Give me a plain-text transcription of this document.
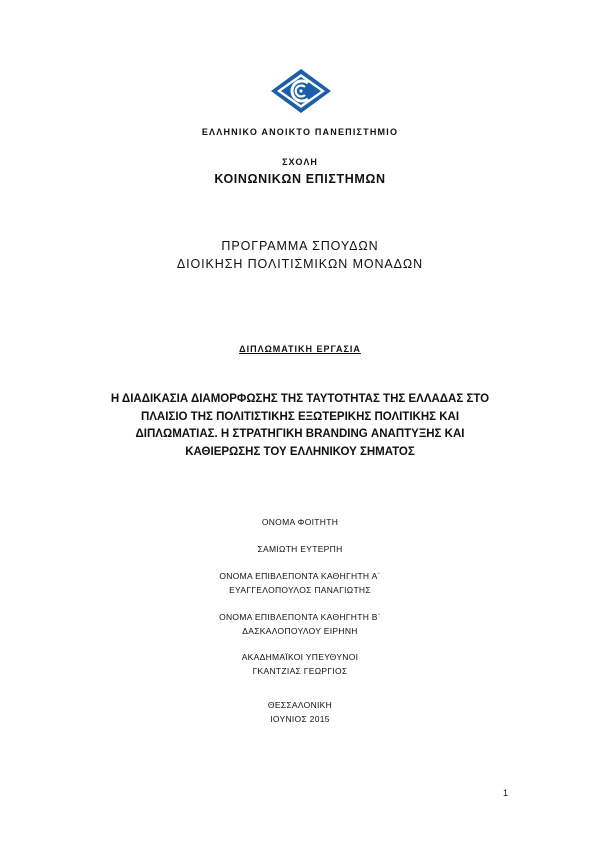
ΕΛΛΗΝΙΚΟ ΑΝΟΙΚΤΟ ΠΑΝΕΠΙΣΤΗΜΙΟ
ΣΧΟΛΗ
ΚΟΙΝΩΝΙΚΩΝ ΕΠΙΣΤΗΜΩΝ
ΠΡΟΓΡΑΜΜΑ ΣΠΟΥΔΩΝ
ΔΙΟΙΚΗΣΗ ΠΟΛΙΤΙΣΜΙΚΩΝ ΜΟΝΑΔΩΝ
ΔΙΠΛΩΜΑΤΙΚΗ ΕΡΓΑΣΙΑ
Η ΔΙΑΔΙΚΑΣΙΑ ΔΙΑΜΟΡΦΩΣΗΣ ΤΗΣ ΤΑΥΤΟΤΗΤΑΣ ΤΗΣ ΕΛΛΑΔΑΣ ΣΤΟ
ΠΛΑΙΣΙΟ ΤΗΣ ΠΟΛΙΤΙΣΤΙΚΗΣ ΕΞΩΤΕΡΙΚΗΣ ΠΟΛΙΤΙΚΗΣ ΚΑΙ
ΔΙΠΛΩΜΑΤΙΑΣ. Η ΣΤΡΑΤΗΓΙΚΗ BRANDING ΑΝΑΠΤΥΞΗΣ ΚΑΙ
ΚΑΘΙΕΡΩΣΗΣ ΤΟΥ ΕΛΛΗΝΙΚΟΥ ΣΗΜΑΤΟΣ
ΟΝΟΜΑ ΦΟΙΤΗΤΗ
ΣΑΜΙΩΤΗ ΕΥΤΕΡΠΗ
ΟΝΟΜΑ ΕΠΙΒΛΕΠΟΝΤΑ ΚΑΘΗΓΗΤΗ Α΄
ΕΥΑΓΓΕΛΟΠΟΥΛΟΣ ΠΑΝΑΓΙΩΤΗΣ
ΟΝΟΜΑ ΕΠΙΒΛΕΠΟΝΤΑ ΚΑΘΗΓΗΤΗ Β΄
ΔΑΣΚΑΛΟΠΟΥΛΟΥ ΕΙΡΗΝΗ
ΑΚΑΔΗΜΑΪΚΟΙ ΥΠΕΥΘΥΝΟΙ
ΓΚΑΝΤΖΙΑΣ ΓΕΩΡΓΙΟΣ
ΘΕΣΣΑΛΟΝΙΚΗ
ΙΟΥΝΙΟΣ 2015
1
